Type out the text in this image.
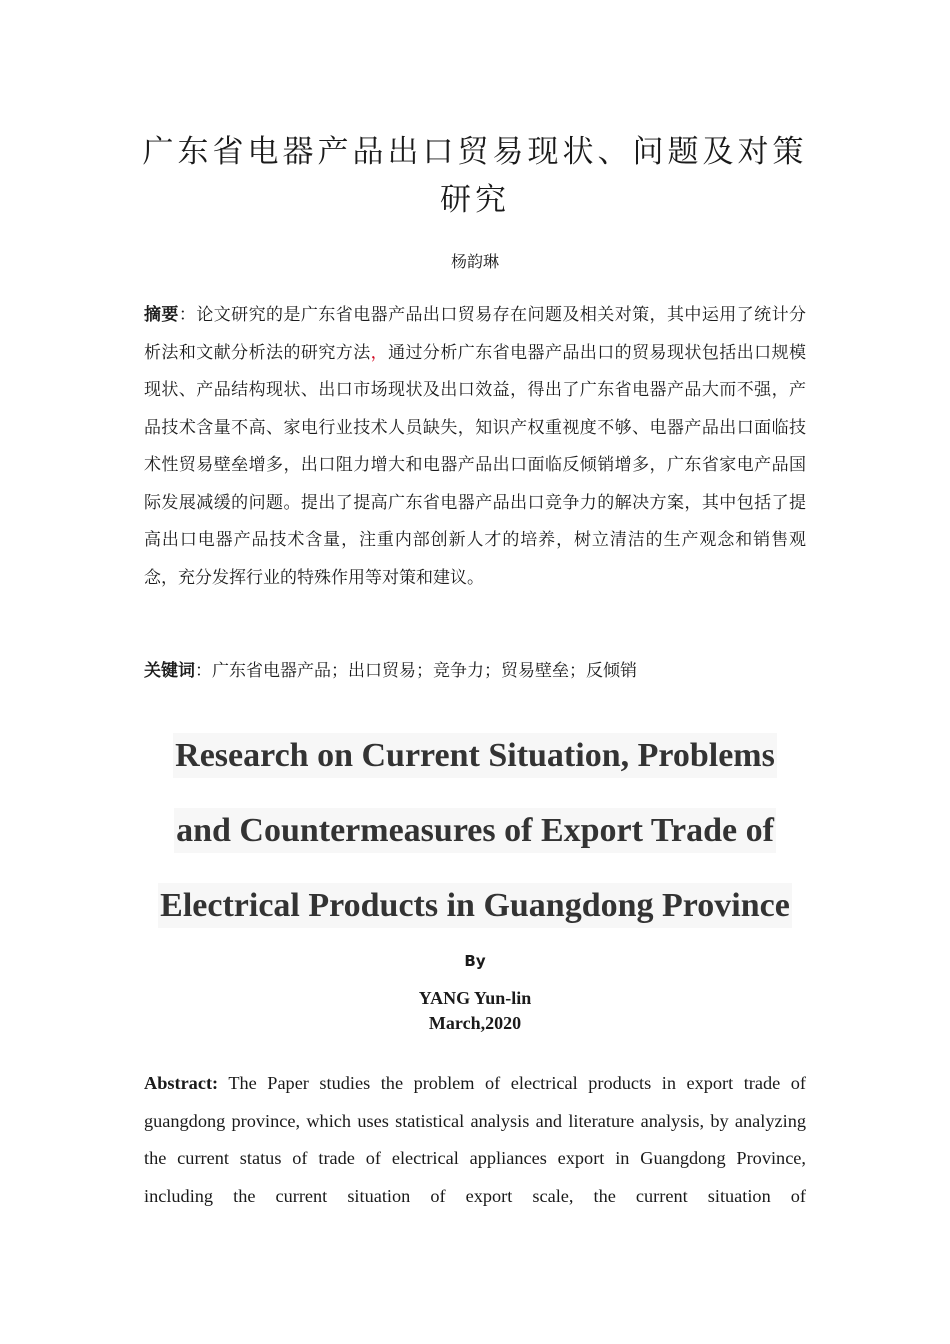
广东省电器产品出口贸易现状、问题及对策研究
杨韵琳

摘要：论文研究的是广东省电器产品出口贸易存在问题及相关对策，其中运用了统计分析法和文献分析法的研究方法，通过分析广东省电器产品出口的贸易现状包括出口规模现状、产品结构现状、出口市场现状及出口效益，得出了广东省电器产品大而不强，产品技术含量不高、家电行业技术人员缺失，知识产权重视度不够、电器产品出口面临技术性贸易壁垒增多，出口阻力增大和电器产品出口面临反倾销增多，广东省家电产品国际发展减缓的问题。提出了提高广东省电器产品出口竞争力的解决方案，其中包括了提高出口电器产品技术含量，注重内部创新人才的培养，树立清洁的生产观念和销售观念，充分发挥行业的特殊作用等对策和建议。

关键词：广东省电器产品；出口贸易；竞争力；贸易壁垒；反倾销

Research on Current Situation, Problems
and Countermeasures of Export Trade of
Electrical Products in Guangdong Province
By
YANG Yun-lin
March,2020

Abstract: The Paper studies the problem of electrical products in export trade of guangdong province, which uses statistical analysis and literature analysis, by analyzing the current status of trade of electrical appliances export in Guangdong Province, including the current situation of export scale, the current situation of
